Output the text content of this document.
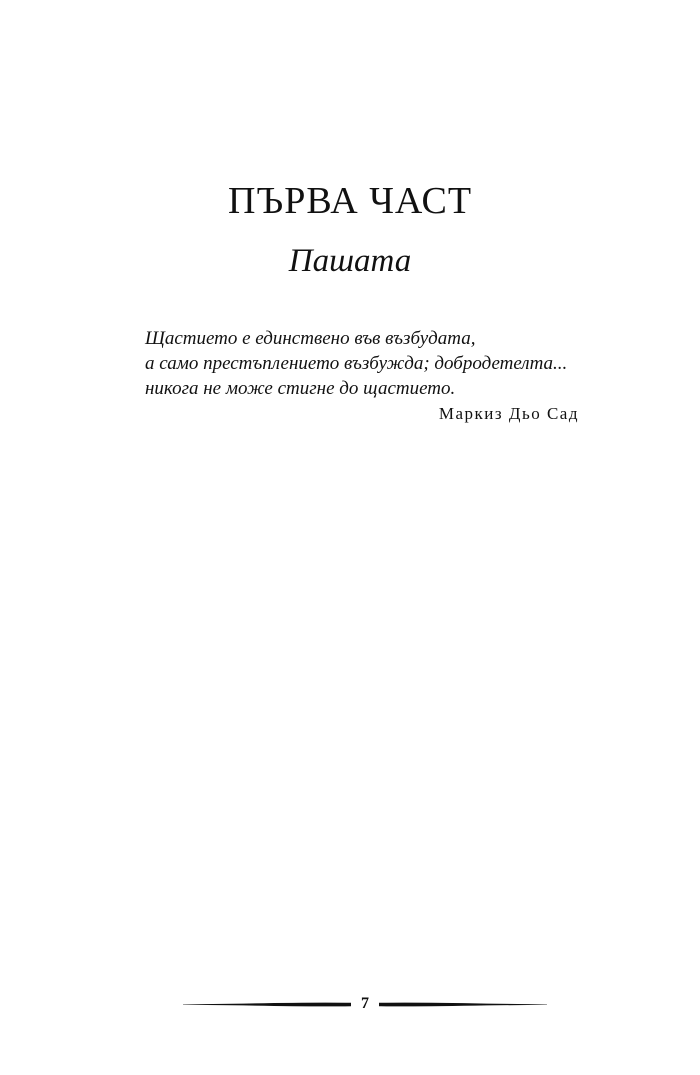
ПЪРВА ЧАСТ
Пашата
Щастието е единствено във възбудата,
а само престъплението възбужда; добродетелта...
никога не може стигне до щастието.
Маркиз Дьо Сад
7
